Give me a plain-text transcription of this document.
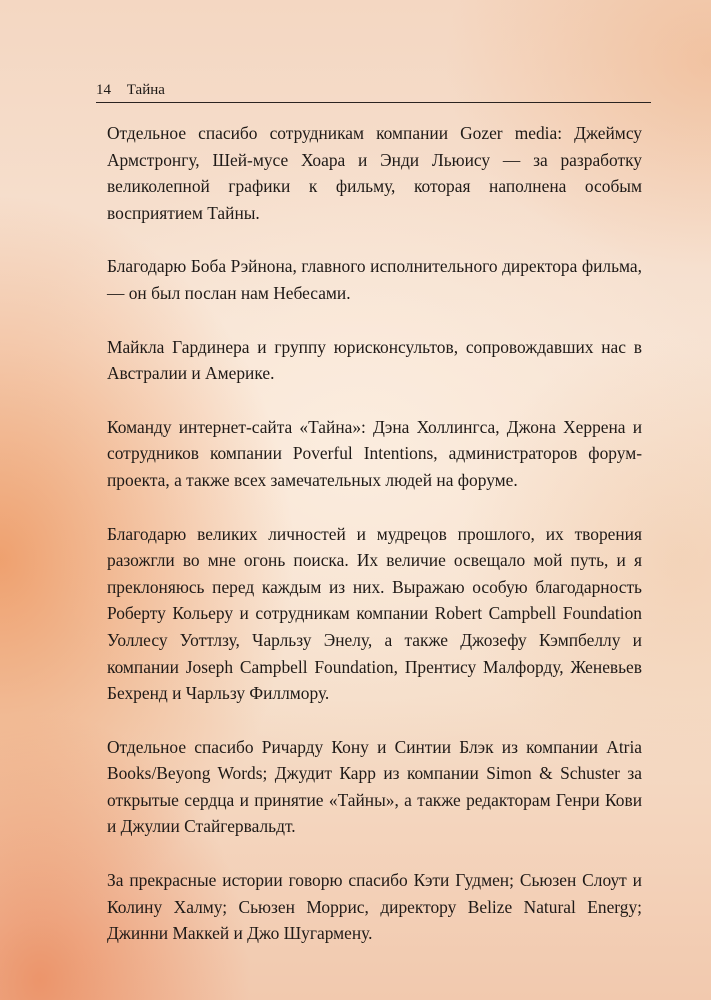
14 Тайна

Отдельное спасибо сотрудникам компании Gozer media: Джеймсу Армстронгу, Шей-мусе Хоара и Энди Льюису — за разработку великолепной графики к фильму, которая наполнена особым восприятием Тайны.

Благодарю Боба Рэйнона, главного исполнительного директора фильма, — он был послан нам Небесами.

Майкла Гардинера и группу юрисконсультов, сопровождавших нас в Австралии и Америке.

Команду интернет-сайта «Тайна»: Дэна Холлингса, Джона Херрена и сотрудников компании Poverful Intentions, администраторов форум-проекта, а также всех замечательных людей на форуме.

Благодарю великих личностей и мудрецов прошлого, их творения разожгли во мне огонь поиска. Их величие освещало мой путь, и я преклоняюсь перед каждым из них. Выражаю особую благодарность Роберту Кольеру и сотрудникам компании Robert Campbell Foundation Уоллесу Уоттлзу, Чарльзу Энелу, а также Джозефу Кэмпбеллу и компании Joseph Campbell Foundation, Прентису Малфорду, Женевьев Бехренд и Чарльзу Филлмору.

Отдельное спасибо Ричарду Кону и Синтии Блэк из компании Atria Books/Beyong Words; Джудит Карр из компании Simon & Schuster за открытые сердца и принятие «Тайны», а также редакторам Генри Кови и Джулии Стайгервальдт.

За прекрасные истории говорю спасибо Кэти Гудмен; Сьюзен Слоут и Колину Халму; Сьюзен Моррис, директору Belize Natural Energy; Джинни Маккей и Джо Шугармену.
